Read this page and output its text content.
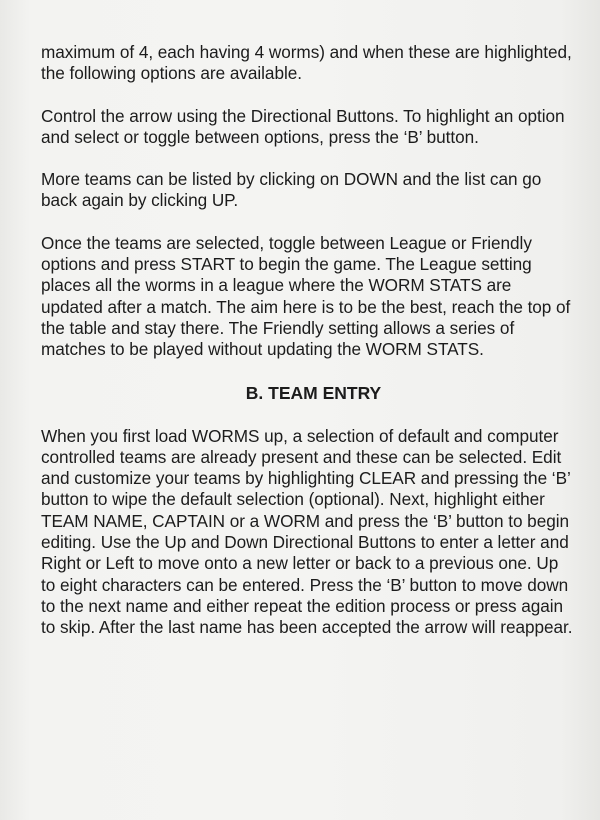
maximum of 4, each having 4 worms) and when these are highlighted, the following options are available.

Control the arrow using the Directional Buttons. To highlight an option and select or toggle between options, press the ‘B’ button.

More teams can be listed by clicking on DOWN and the list can go back again by clicking UP.

Once the teams are selected, toggle between League or Friendly options and press START to begin the game. The League setting places all the worms in a league where the WORM STATS are updated after a match. The aim here is to be the best, reach the top of the table and stay there. The Friendly setting allows a series of matches to be played without updating the WORM STATS.

B. TEAM ENTRY

When you first load WORMS up, a selection of default and computer controlled teams are already present and these can be selected. Edit and customize your teams by highlighting CLEAR and pressing the ‘B’ button to wipe the default selection (optional). Next, highlight either TEAM NAME, CAPTAIN or a WORM and press the ‘B’ button to begin editing. Use the Up and Down Directional Buttons to enter a letter and Right or Left to move onto a new letter or back to a previous one. Up to eight characters can be entered. Press the ‘B’ button to move down to the next name and either repeat the edition process or press again to skip. After the last name has been accepted the arrow will reappear.
